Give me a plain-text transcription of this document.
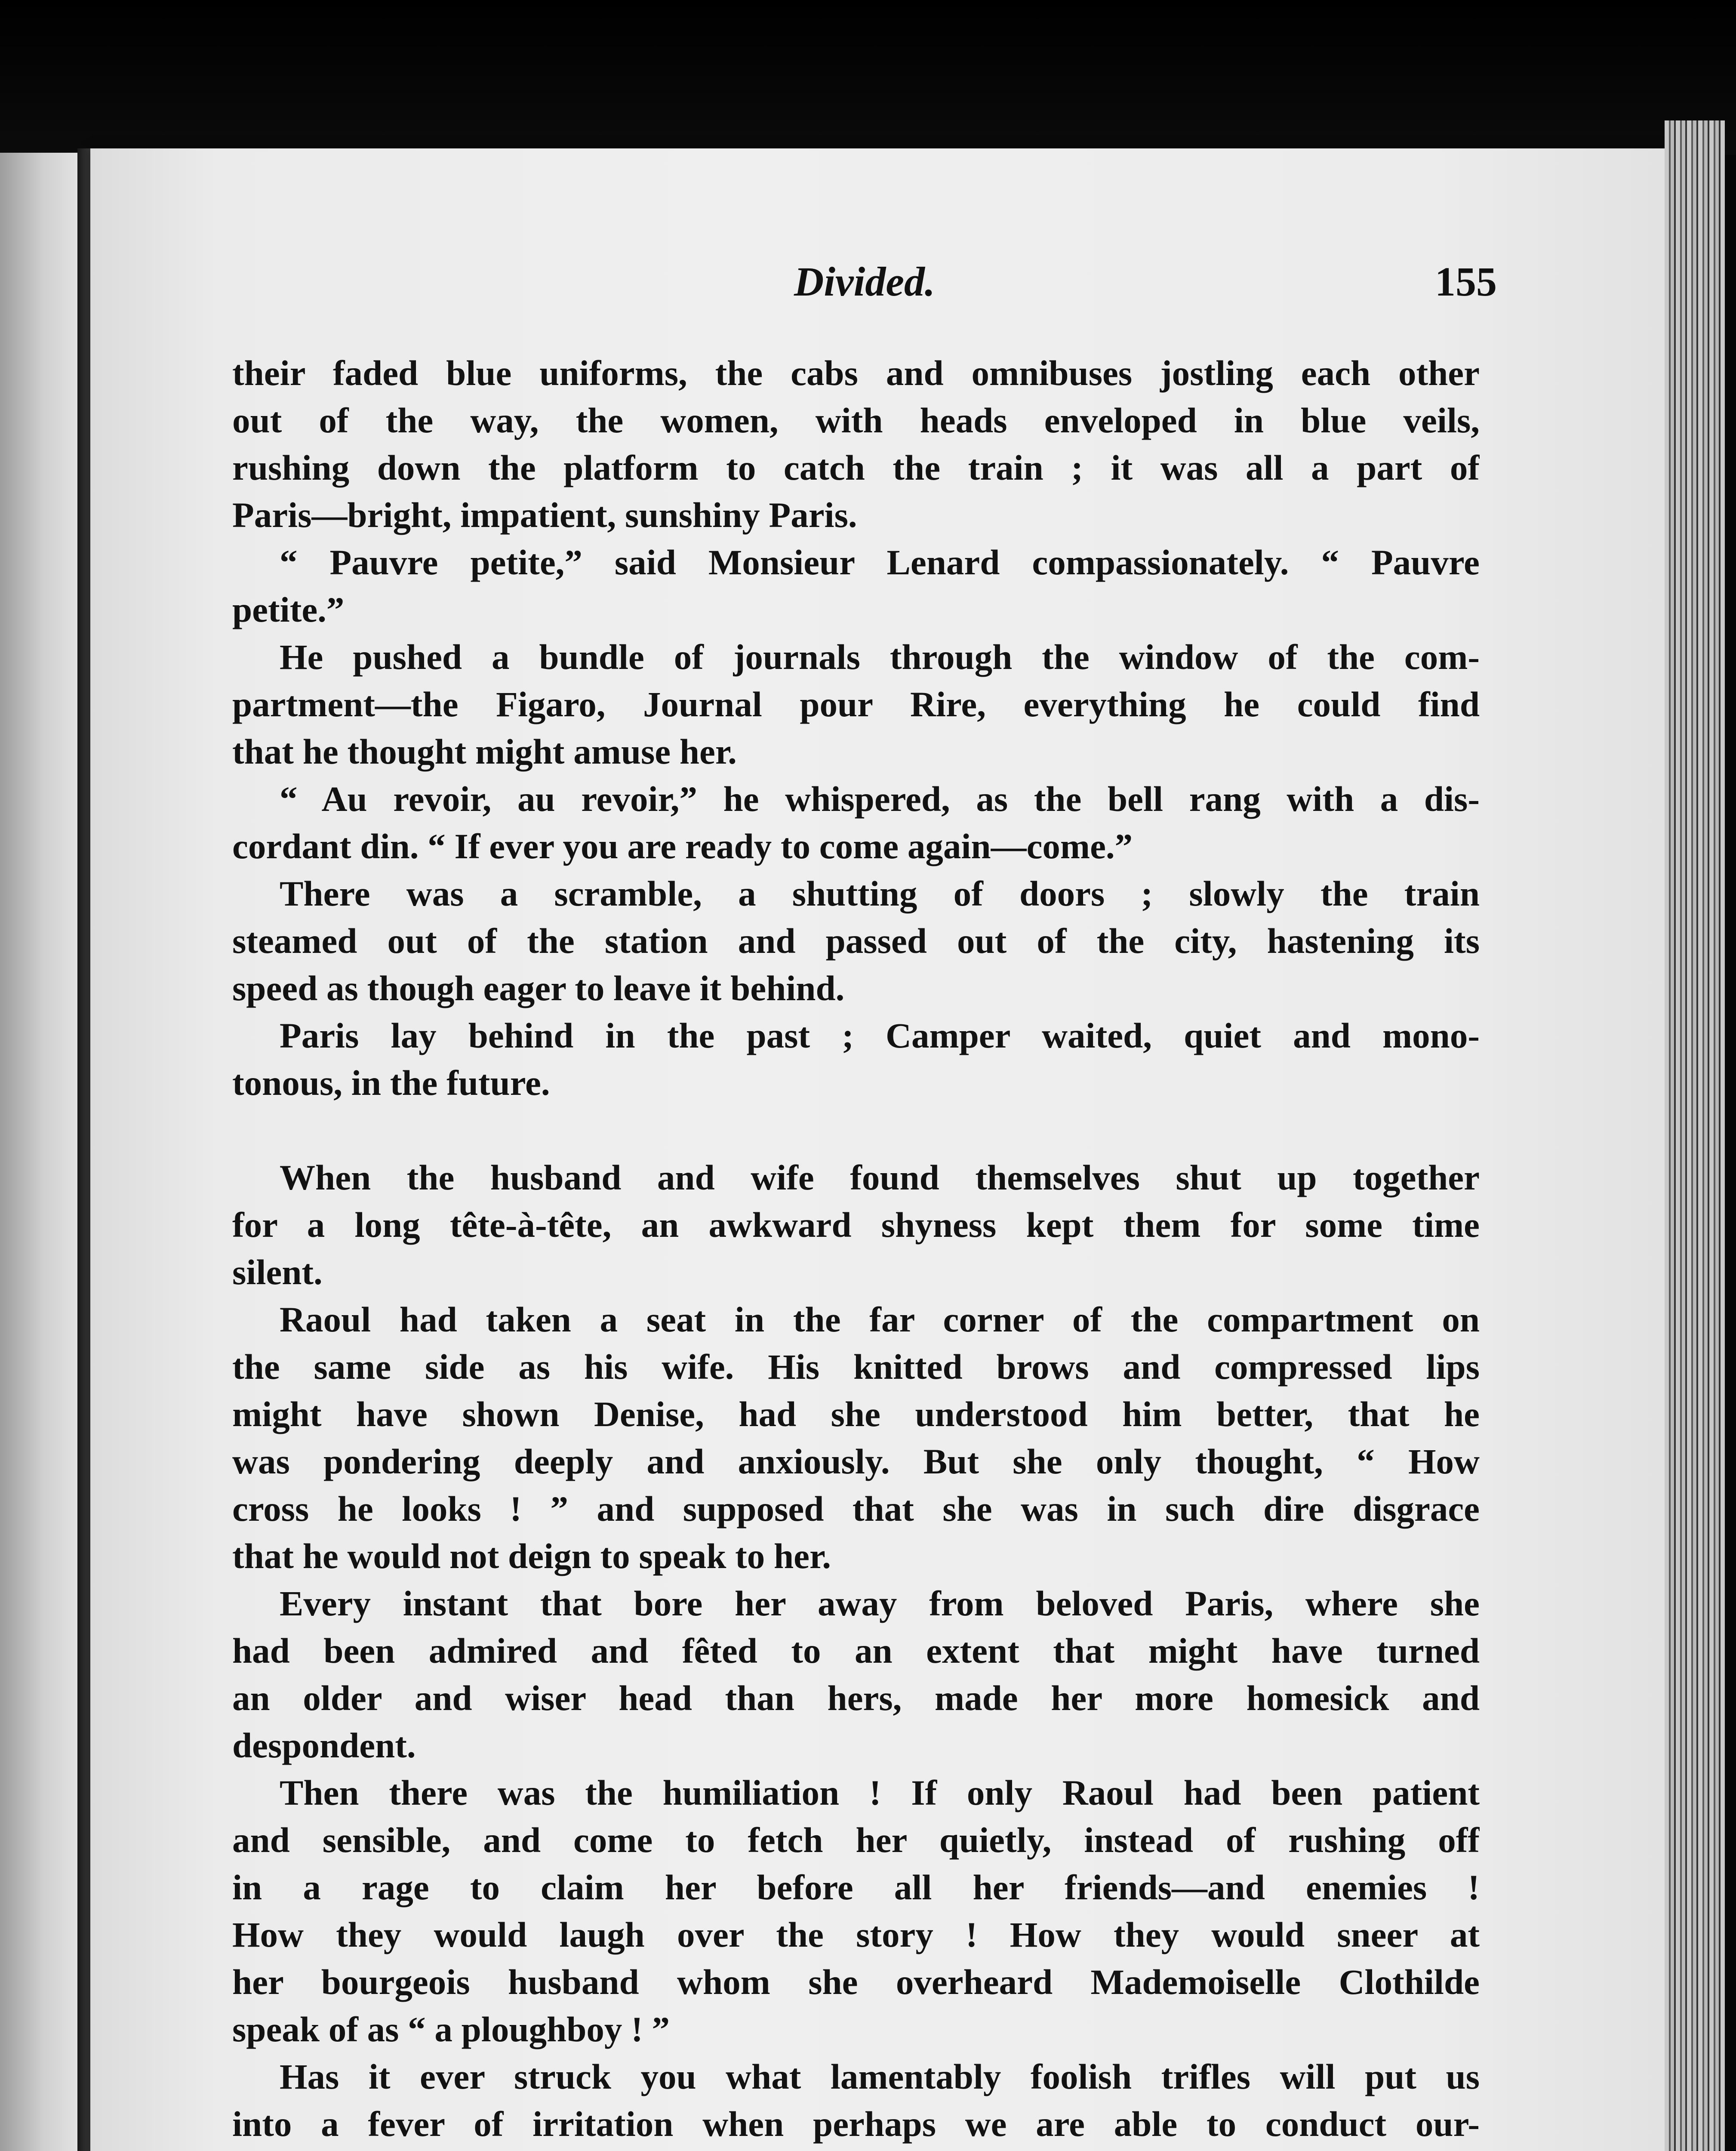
Divided.	155
their faded blue uniforms, the cabs and omnibuses jostling each other
out of the way, the women, with heads enveloped in blue veils,
rushing down the platform to catch the train ; it was all a part of
Paris—bright, impatient, sunshiny Paris.
“ Pauvre petite,” said Monsieur Lenard compassionately. “ Pauvre
petite.”
He pushed a bundle of journals through the window of the com-
partment—the Figaro, Journal pour Rire, everything he could find
that he thought might amuse her.
“ Au revoir, au revoir,” he whispered, as the bell rang with a dis-
cordant din. “ If ever you are ready to come again—come.”
There was a scramble, a shutting of doors ; slowly the train
steamed out of the station and passed out of the city, hastening its
speed as though eager to leave it behind.
Paris lay behind in the past ; Camper waited, quiet and mono-
tonous, in the future.
When the husband and wife found themselves shut up together
for a long tête-à-tête, an awkward shyness kept them for some time
silent.
Raoul had taken a seat in the far corner of the compartment on
the same side as his wife. His knitted brows and compressed lips
might have shown Denise, had she understood him better, that he
was pondering deeply and anxiously. But she only thought, “ How
cross he looks ! ” and supposed that she was in such dire disgrace
that he would not deign to speak to her.
Every instant that bore her away from beloved Paris, where she
had been admired and fêted to an extent that might have turned
an older and wiser head than hers, made her more homesick and
despondent.
Then there was the humiliation ! If only Raoul had been patient
and sensible, and come to fetch her quietly, instead of rushing off
in a rage to claim her before all her friends—and enemies !
How they would laugh over the story ! How they would sneer at
her bourgeois husband whom she overheard Mademoiselle Clothilde
speak of as “ a ploughboy ! ”
Has it ever struck you what lamentably foolish trifles will put us
into a fever of irritation when perhaps we are able to conduct our-
